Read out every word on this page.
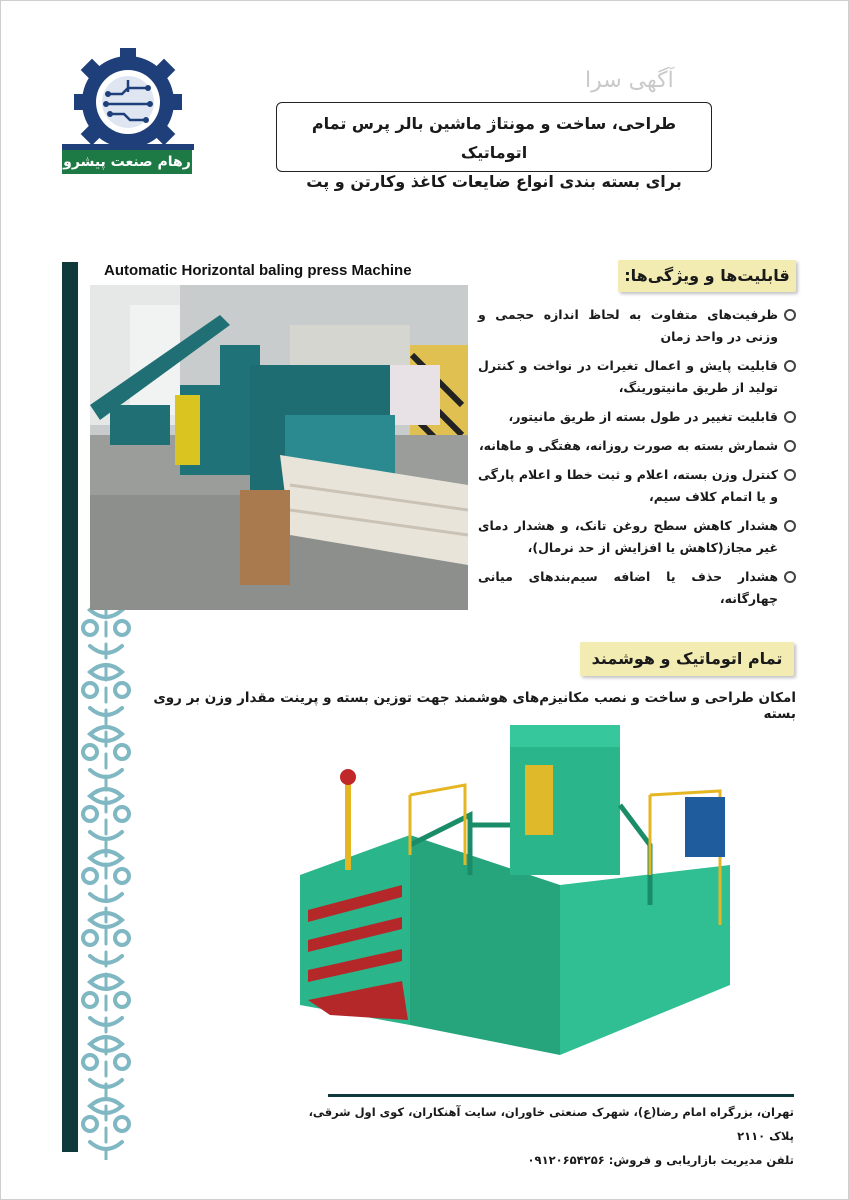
رهام صنعت پیشرو
آگهی سرا
طراحی، ساخت و مونتاژ ماشین بالر پرس تمام اتوماتیک
برای بسته بندی انواع ضایعات کاغذ وکارتن و پت
Automatic Horizontal baling press Machine	قابلیت‌ها و ویژگی‌ها:
ظرفیت‌های متفاوت به لحاظ اندازه حجمی و وزنی در واحد زمان
قابلیت پایش و اعمال تغیرات در نواخت و کنترل تولید از طریق مانیتورینگ،
قابلیت تغییر در طول بسته از طریق مانیتور،
شمارش بسته به صورت روزانه، هفتگی و ماهانه،
کنترل وزن بسته، اعلام و ثبت خطا و اعلام پارگی و یا اتمام کلاف سیم،
هشدار کاهش سطح روغن تانک، و هشدار دمای غیر مجاز(کاهش یا افزایش از حد نرمال)،
هشدار حذف یا اضافه سیم‌بندهای میانی چهارگانه،
تمام اتوماتیک و هوشمند
امکان طراحی و ساخت و نصب مکانیزم‌های هوشمند جهت توزین بسته و پرینت مقدار وزن بر روی بسته
تهران، بزرگراه امام رضا(ع)، شهرک صنعتی خاوران، سایت آهنکاران، کوی اول شرقی، پلاک ۲۱۱۰
تلفن مدیریت بازاریابی و فروش: ۰۹۱۲۰۶۵۴۲۵۶
